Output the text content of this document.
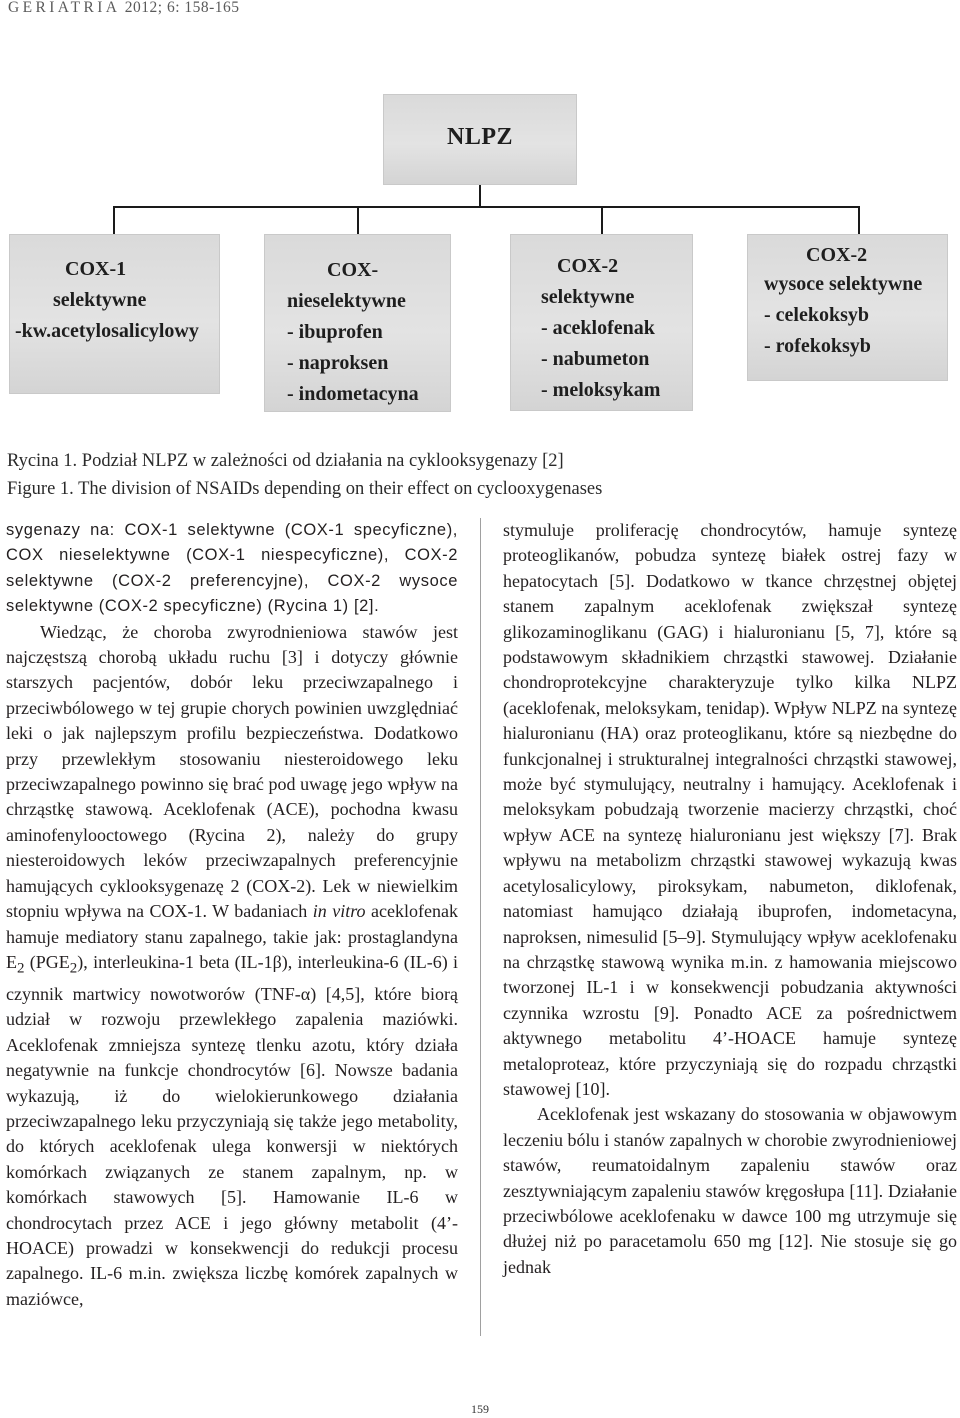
GERIATRIA 2012; 6: 158-165
NLPZ
COX-1
selektywne
-kw.acetylosalicylowy
COX-
nieselektywne
- ibuprofen
- naproksen
- indometacyna
COX-2
selektywne
- aceklofenak
- nabumeton
- meloksykam
COX-2
wysoce selektywne
- celekoksyb
- rofekoksyb
Rycina 1. Podział NLPZ w zależności od działania na cyklooksygenazy [2]
Figure 1. The division of NSAIDs depending on their effect on cyclooxygenases

sygenazy na: COX-1 selektywne (COX-1 specyficzne), COX nieselektywne (COX-1 niespecyficzne), COX-2 selektywne (COX-2 preferencyjne), COX-2 wysoce selektywne (COX-2 specyficzne) (Rycina 1) [2].

Wiedząc, że choroba zwyrodnieniowa stawów jest najczęstszą chorobą układu ruchu [3] i dotyczy głównie starszych pacjentów, dobór leku przeciwzapalnego i przeciwbólowego w tej grupie chorych powinien uwzględniać leki o jak najlepszym profilu bezpieczeństwa. Dodatkowo przy przewlekłym stosowaniu niesteroidowego leku przeciwzapalnego powinno się brać pod uwagę jego wpływ na chrząstkę stawową. Aceklofenak (ACE), pochodna kwasu aminofenylooctowego (Rycina 2), należy do grupy niesteroidowych leków przeciwzapalnych preferencyjnie hamujących cyklooksygenazę 2 (COX-2). Lek w niewielkim stopniu wpływa na COX-1. W badaniach in vitro aceklofenak hamuje mediatory stanu zapalnego, takie jak: prostaglandyna $E_2$ $(PGE_2)$, interleukina-1 beta (IL-1β), interleukina-6 (IL-6) i czynnik martwicy nowotworów (TNF-α) [4,5], które biorą udział w rozwoju przewlekłego zapalenia maziówki. Aceklofenak zmniejsza syntezę tlenku azotu, który działa negatywnie na funkcje chondrocytów [6]. Nowsze badania wykazują, iż do wielokierunkowego działania przeciwzapalnego leku przyczyniają się także jego metabolity, do których aceklofenak ulega konwersji w niektórych komórkach związanych ze stanem zapalnym, np. w komórkach stawowych [5]. Hamowanie IL-6 w chondrocytach przez ACE i jego główny metabolit (4’-HOACE) prowadzi w konsekwencji do redukcji procesu zapalnego. IL-6 m.in. zwiększa liczbę komórek zapalnych w maziówce,

stymuluje proliferację chondrocytów, hamuje syntezę proteoglikanów, pobudza syntezę białek ostrej fazy w hepatocytach [5]. Dodatkowo w tkance chrzęstnej objętej stanem zapalnym aceklofenak zwiększał syntezę glikozaminoglikanu (GAG) i hialuronianu [5, 7], które są podstawowym składnikiem chrząstki stawowej. Działanie chondroprotekcyjne charakteryzuje tylko kilka NLPZ (aceklofenak, meloksykam, tenidap). Wpływ NLPZ na syntezę hialuronianu (HA) oraz proteoglikanu, które są niezbędne do funkcjonalnej i strukturalnej integralności chrząstki stawowej, może być stymulujący, neutralny i hamujący. Aceklofenak i meloksykam pobudzają tworzenie macierzy chrząstki, choć wpływ ACE na syntezę hialuronianu jest większy [7]. Brak wpływu na metabolizm chrząstki stawowej wykazują kwas acetylosalicylowy, piroksykam, nabumeton, diklofenak, natomiast hamująco działają ibuprofen, indometacyna, naproksen, nimesulid [5–9]. Stymulujący wpływ aceklofenaku na chrząstkę stawową wynika m.in. z hamowania miejscowo tworzonej IL-1 i w konsekwencji pobudzania aktywności czynnika wzrostu [9]. Ponadto ACE za pośrednictwem aktywnego metabolitu 4’-HOACE hamuje syntezę metaloproteaz, które przyczyniają się do rozpadu chrząstki stawowej [10].

Aceklofenak jest wskazany do stosowania w objawowym leczeniu bólu i stanów zapalnych w chorobie zwyrodnieniowej stawów, reumatoidalnym zapaleniu stawów oraz zesztywniającym zapaleniu stawów kręgosłupa [11]. Działanie przeciwbólowe aceklofenaku w dawce 100 mg utrzymuje się dłużej niż po paracetamolu 650 mg [12]. Nie stosuje się go jednak

159
